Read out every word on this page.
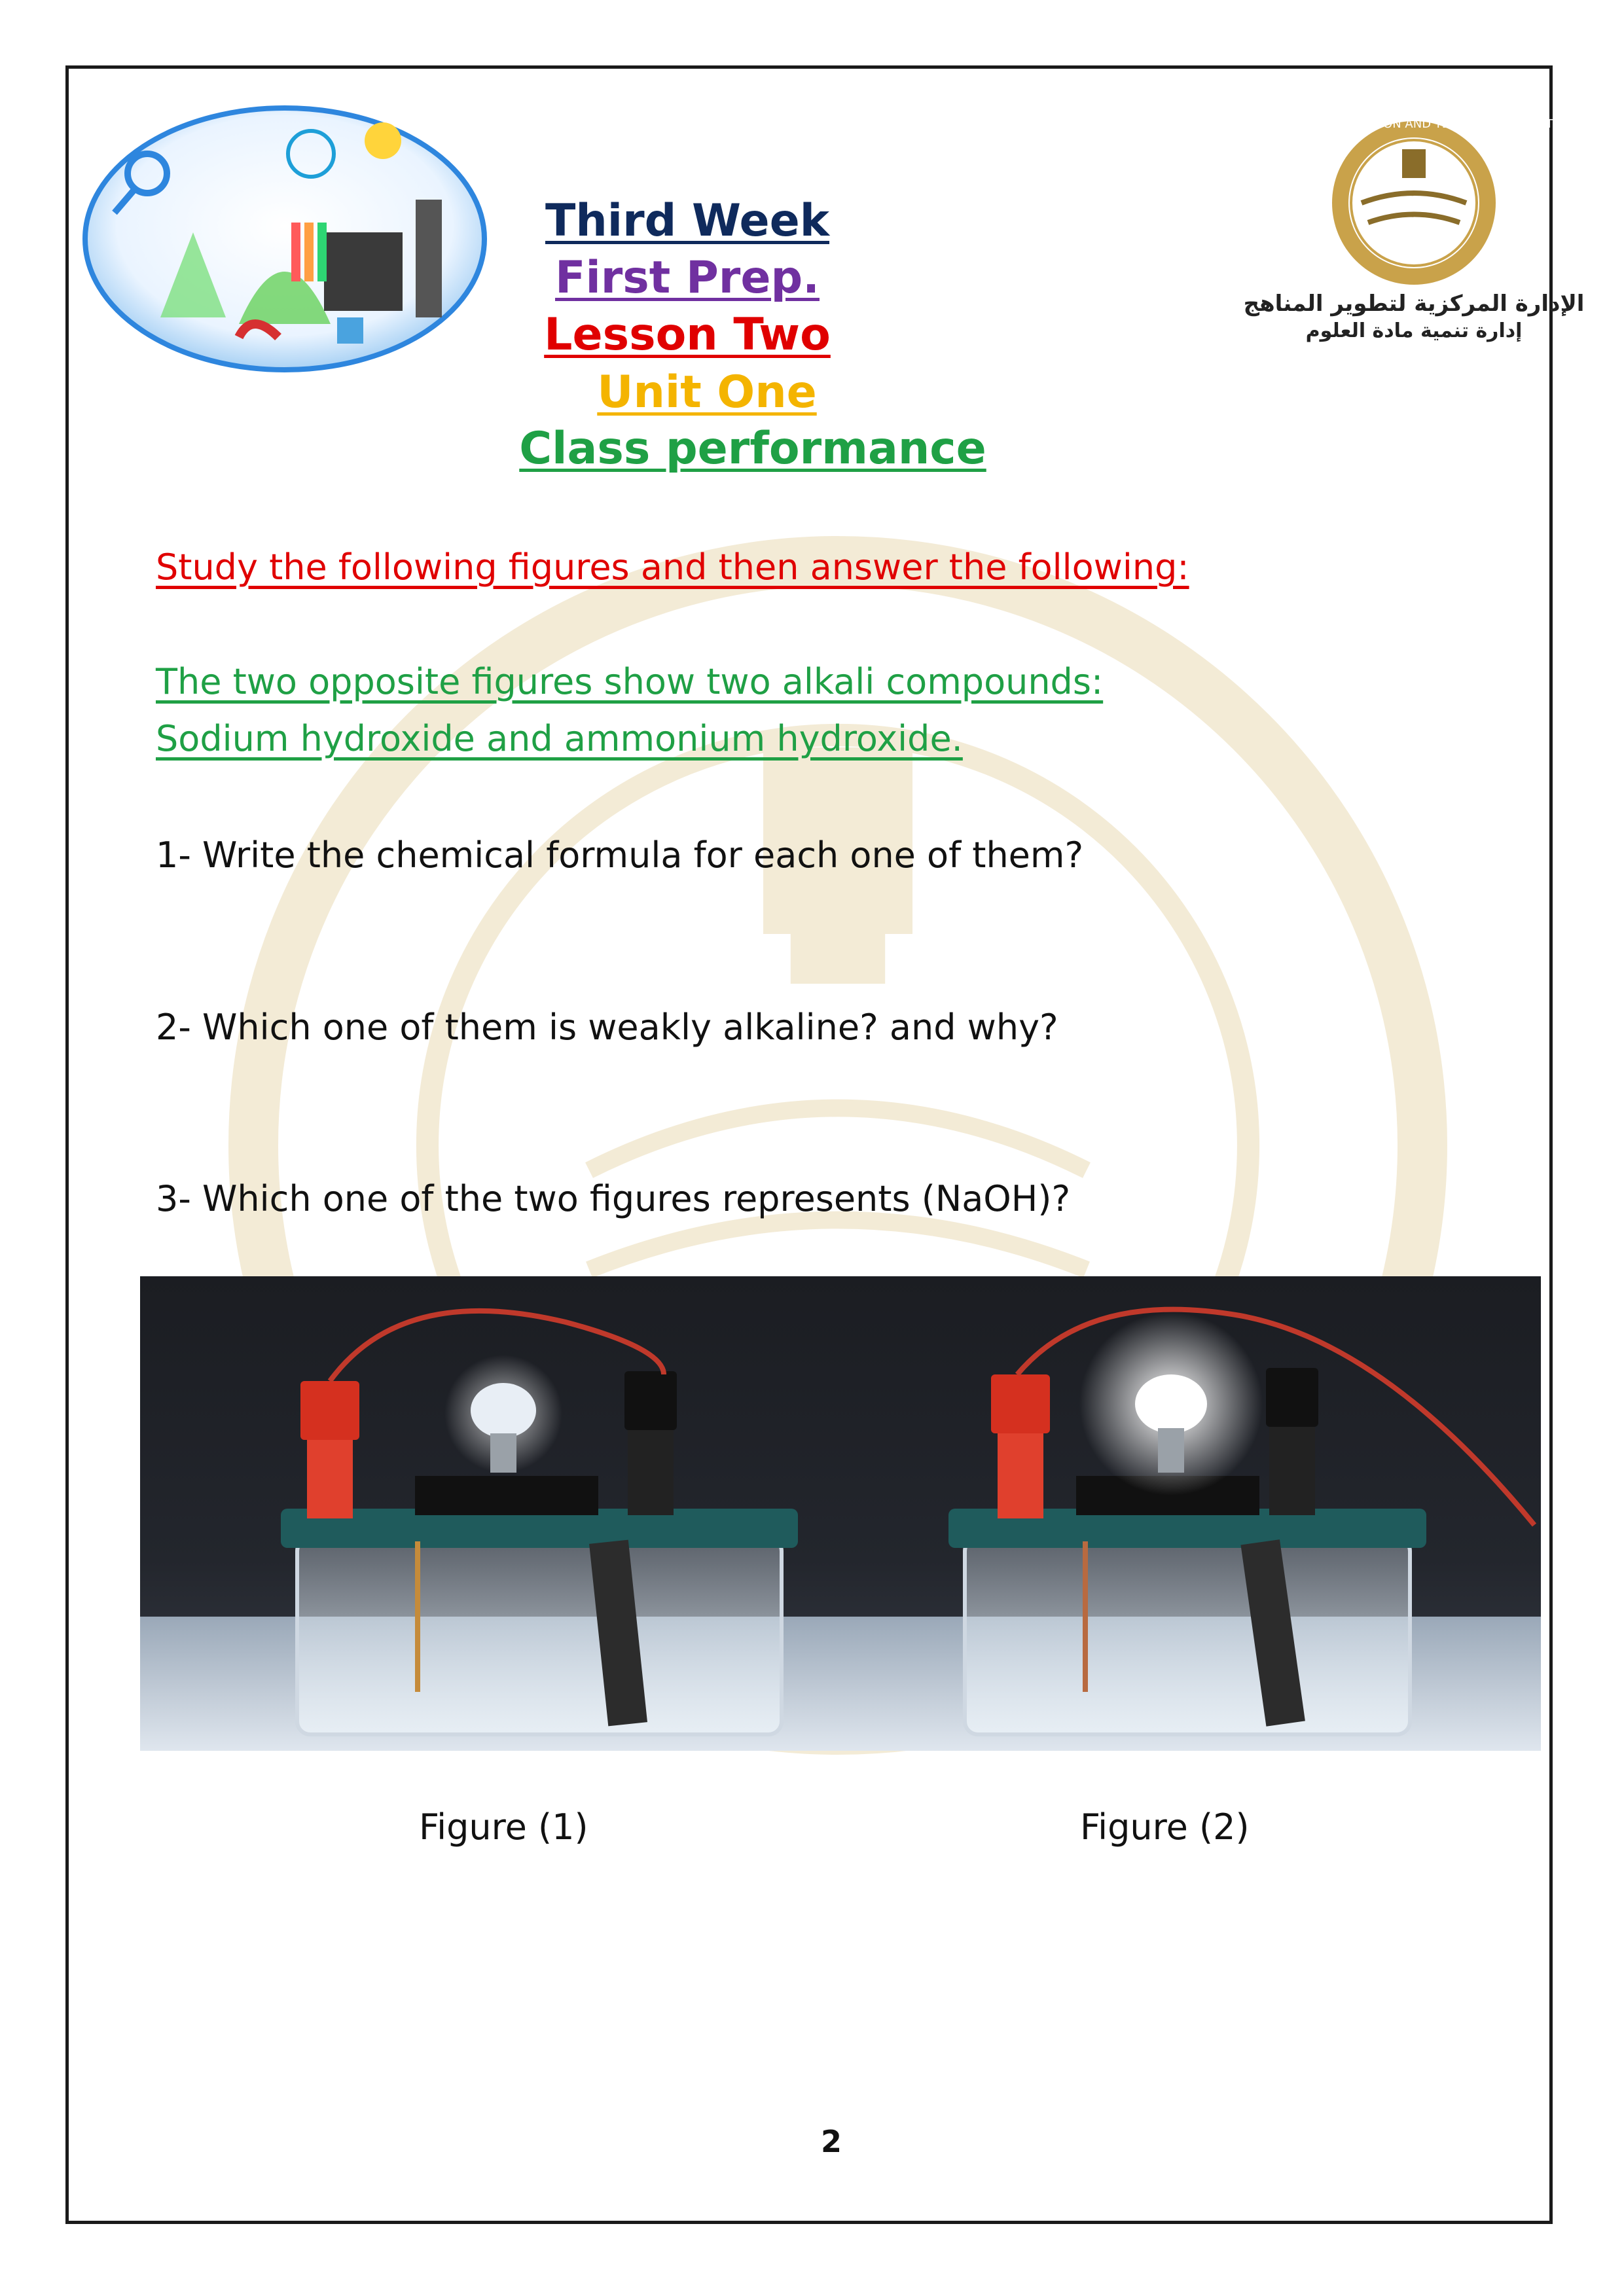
MINISTRY OF EDUCATION AND TECHNICAL EDUCATION
الإدارة المركزية لتطوير المناهج
إدارة تنمية مادة العلوم
Third Week
First Prep.
Lesson Two
Unit One
Class performance
Study the following figures and then answer the following:
The two opposite figures show two alkali compounds:
Sodium hydroxide and ammonium hydroxide.
1- Write the chemical formula for each one of them?
2- Which one of them is weakly alkaline? and why?
3- Which one of the two figures represents (NaOH)?
Figure (1)	Figure (2)
2
